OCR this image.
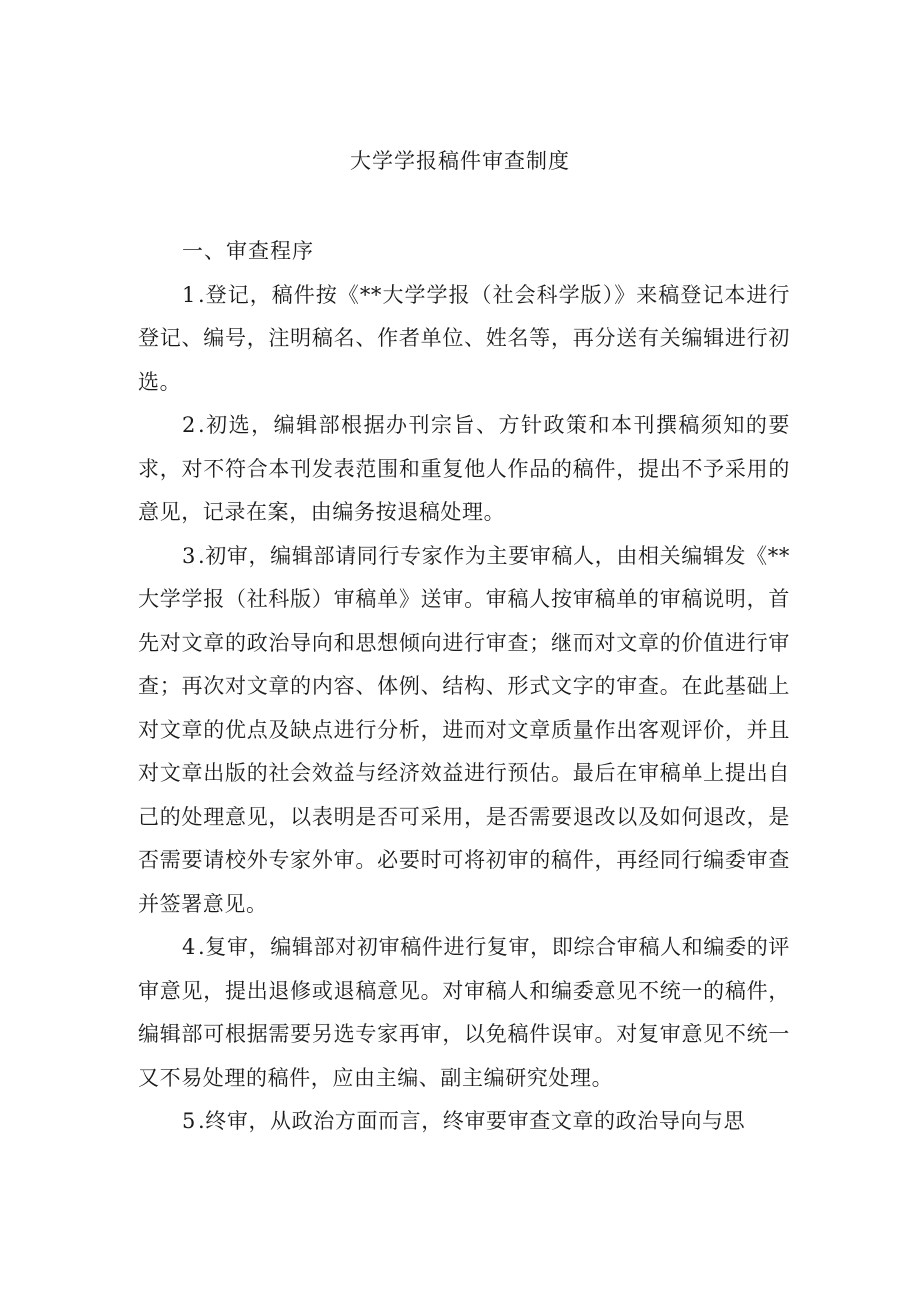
大学学报稿件审查制度
一、审查程序

1.登记，稿件按《**大学学报（社会科学版）》来稿登记本进行登记、编号，注明稿名、作者单位、姓名等，再分送有关编辑进行初选。

2.初选，编辑部根据办刊宗旨、方针政策和本刊撰稿须知的要求，对不符合本刊发表范围和重复他人作品的稿件，提出不予采用的意见，记录在案，由编务按退稿处理。

3.初审，编辑部请同行专家作为主要审稿人，由相关编辑发《**大学学报（社科版）审稿单》送审。审稿人按审稿单的审稿说明，首先对文章的政治导向和思想倾向进行审查；继而对文章的价值进行审查；再次对文章的内容、体例、结构、形式文字的审查。在此基础上对文章的优点及缺点进行分析，进而对文章质量作出客观评价，并且对文章出版的社会效益与经济效益进行预估。最后在审稿单上提出自己的处理意见，以表明是否可采用，是否需要退改以及如何退改，是否需要请校外专家外审。必要时可将初审的稿件，再经同行编委审查并签署意见。

4.复审，编辑部对初审稿件进行复审，即综合审稿人和编委的评审意见，提出退修或退稿意见。对审稿人和编委意见不统一的稿件，编辑部可根据需要另选专家再审，以免稿件误审。对复审意见不统一又不易处理的稿件，应由主编、副主编研究处理。

5.终审，从政治方面而言，终审要审查文章的政治导向与思
